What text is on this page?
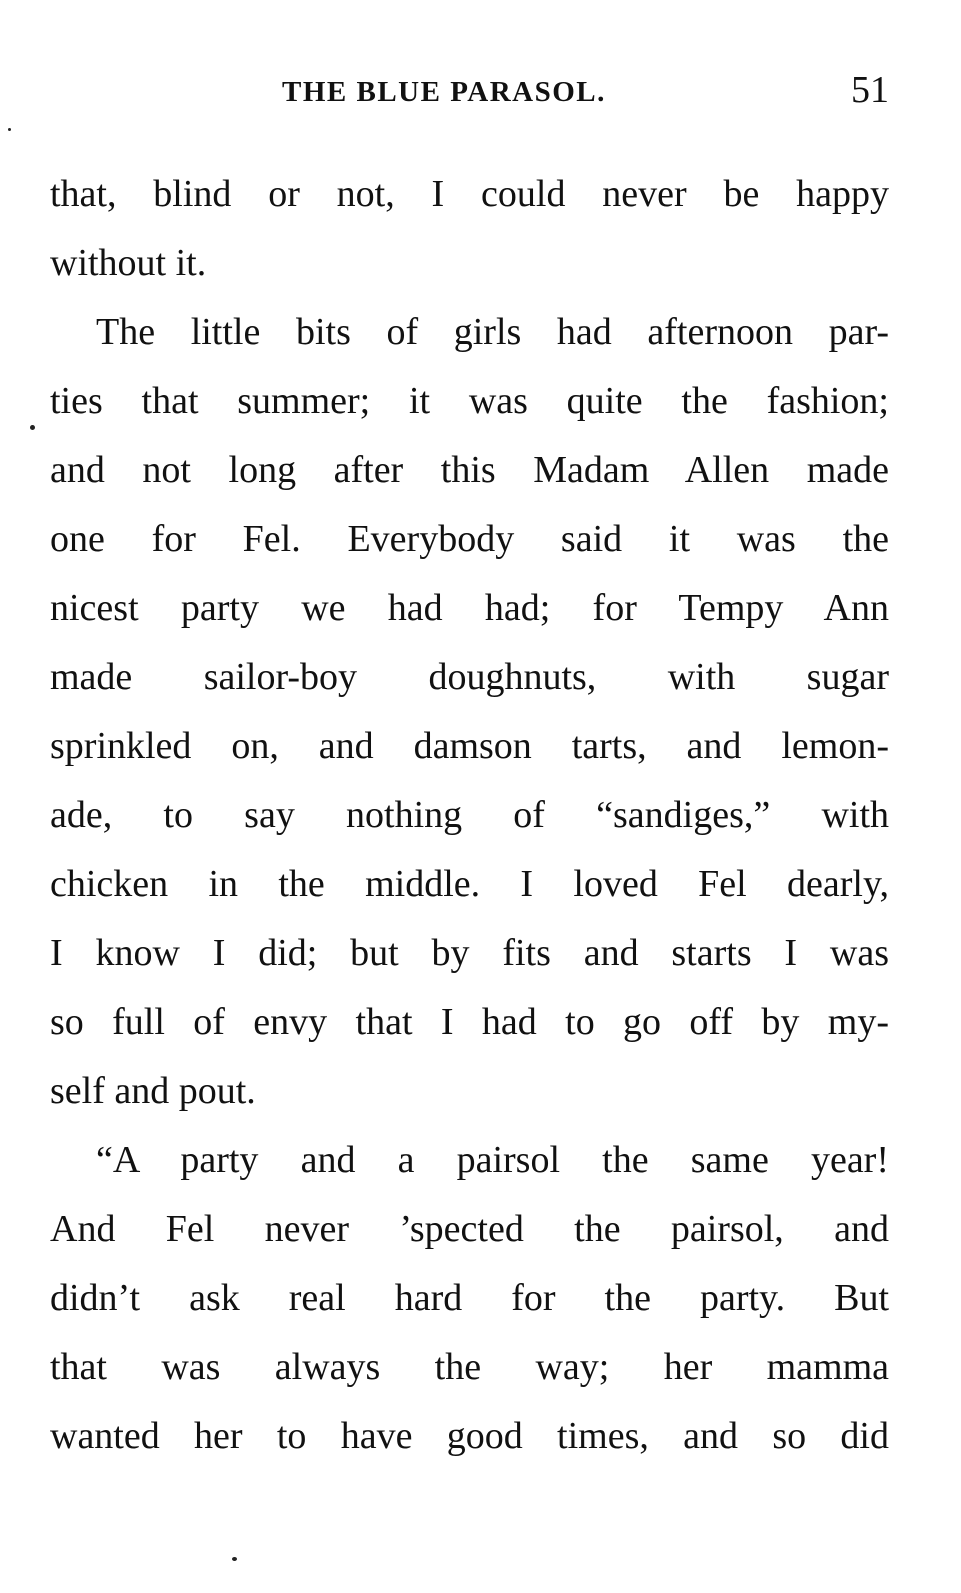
THE BLUE PARASOL.	51
that, blind or not, I could never be happy
without it.
The little bits of girls had afternoon par-
ties that summer; it was quite the fashion;
and not long after this Madam Allen made
one for Fel. Everybody said it was the
nicest party we had had; for Tempy Ann
made sailor-boy doughnuts, with sugar
sprinkled on, and damson tarts, and lemon-
ade, to say nothing of “sandiges,” with
chicken in the middle. I loved Fel dearly,
I know I did; but by fits and starts I was
so full of envy that I had to go off by my-
self and pout.
“A party and a pairsol the same year!
And Fel never ’spected the pairsol, and
didn’t ask real hard for the party. But
that was always the way; her mamma
wanted her to have good times, and so did
